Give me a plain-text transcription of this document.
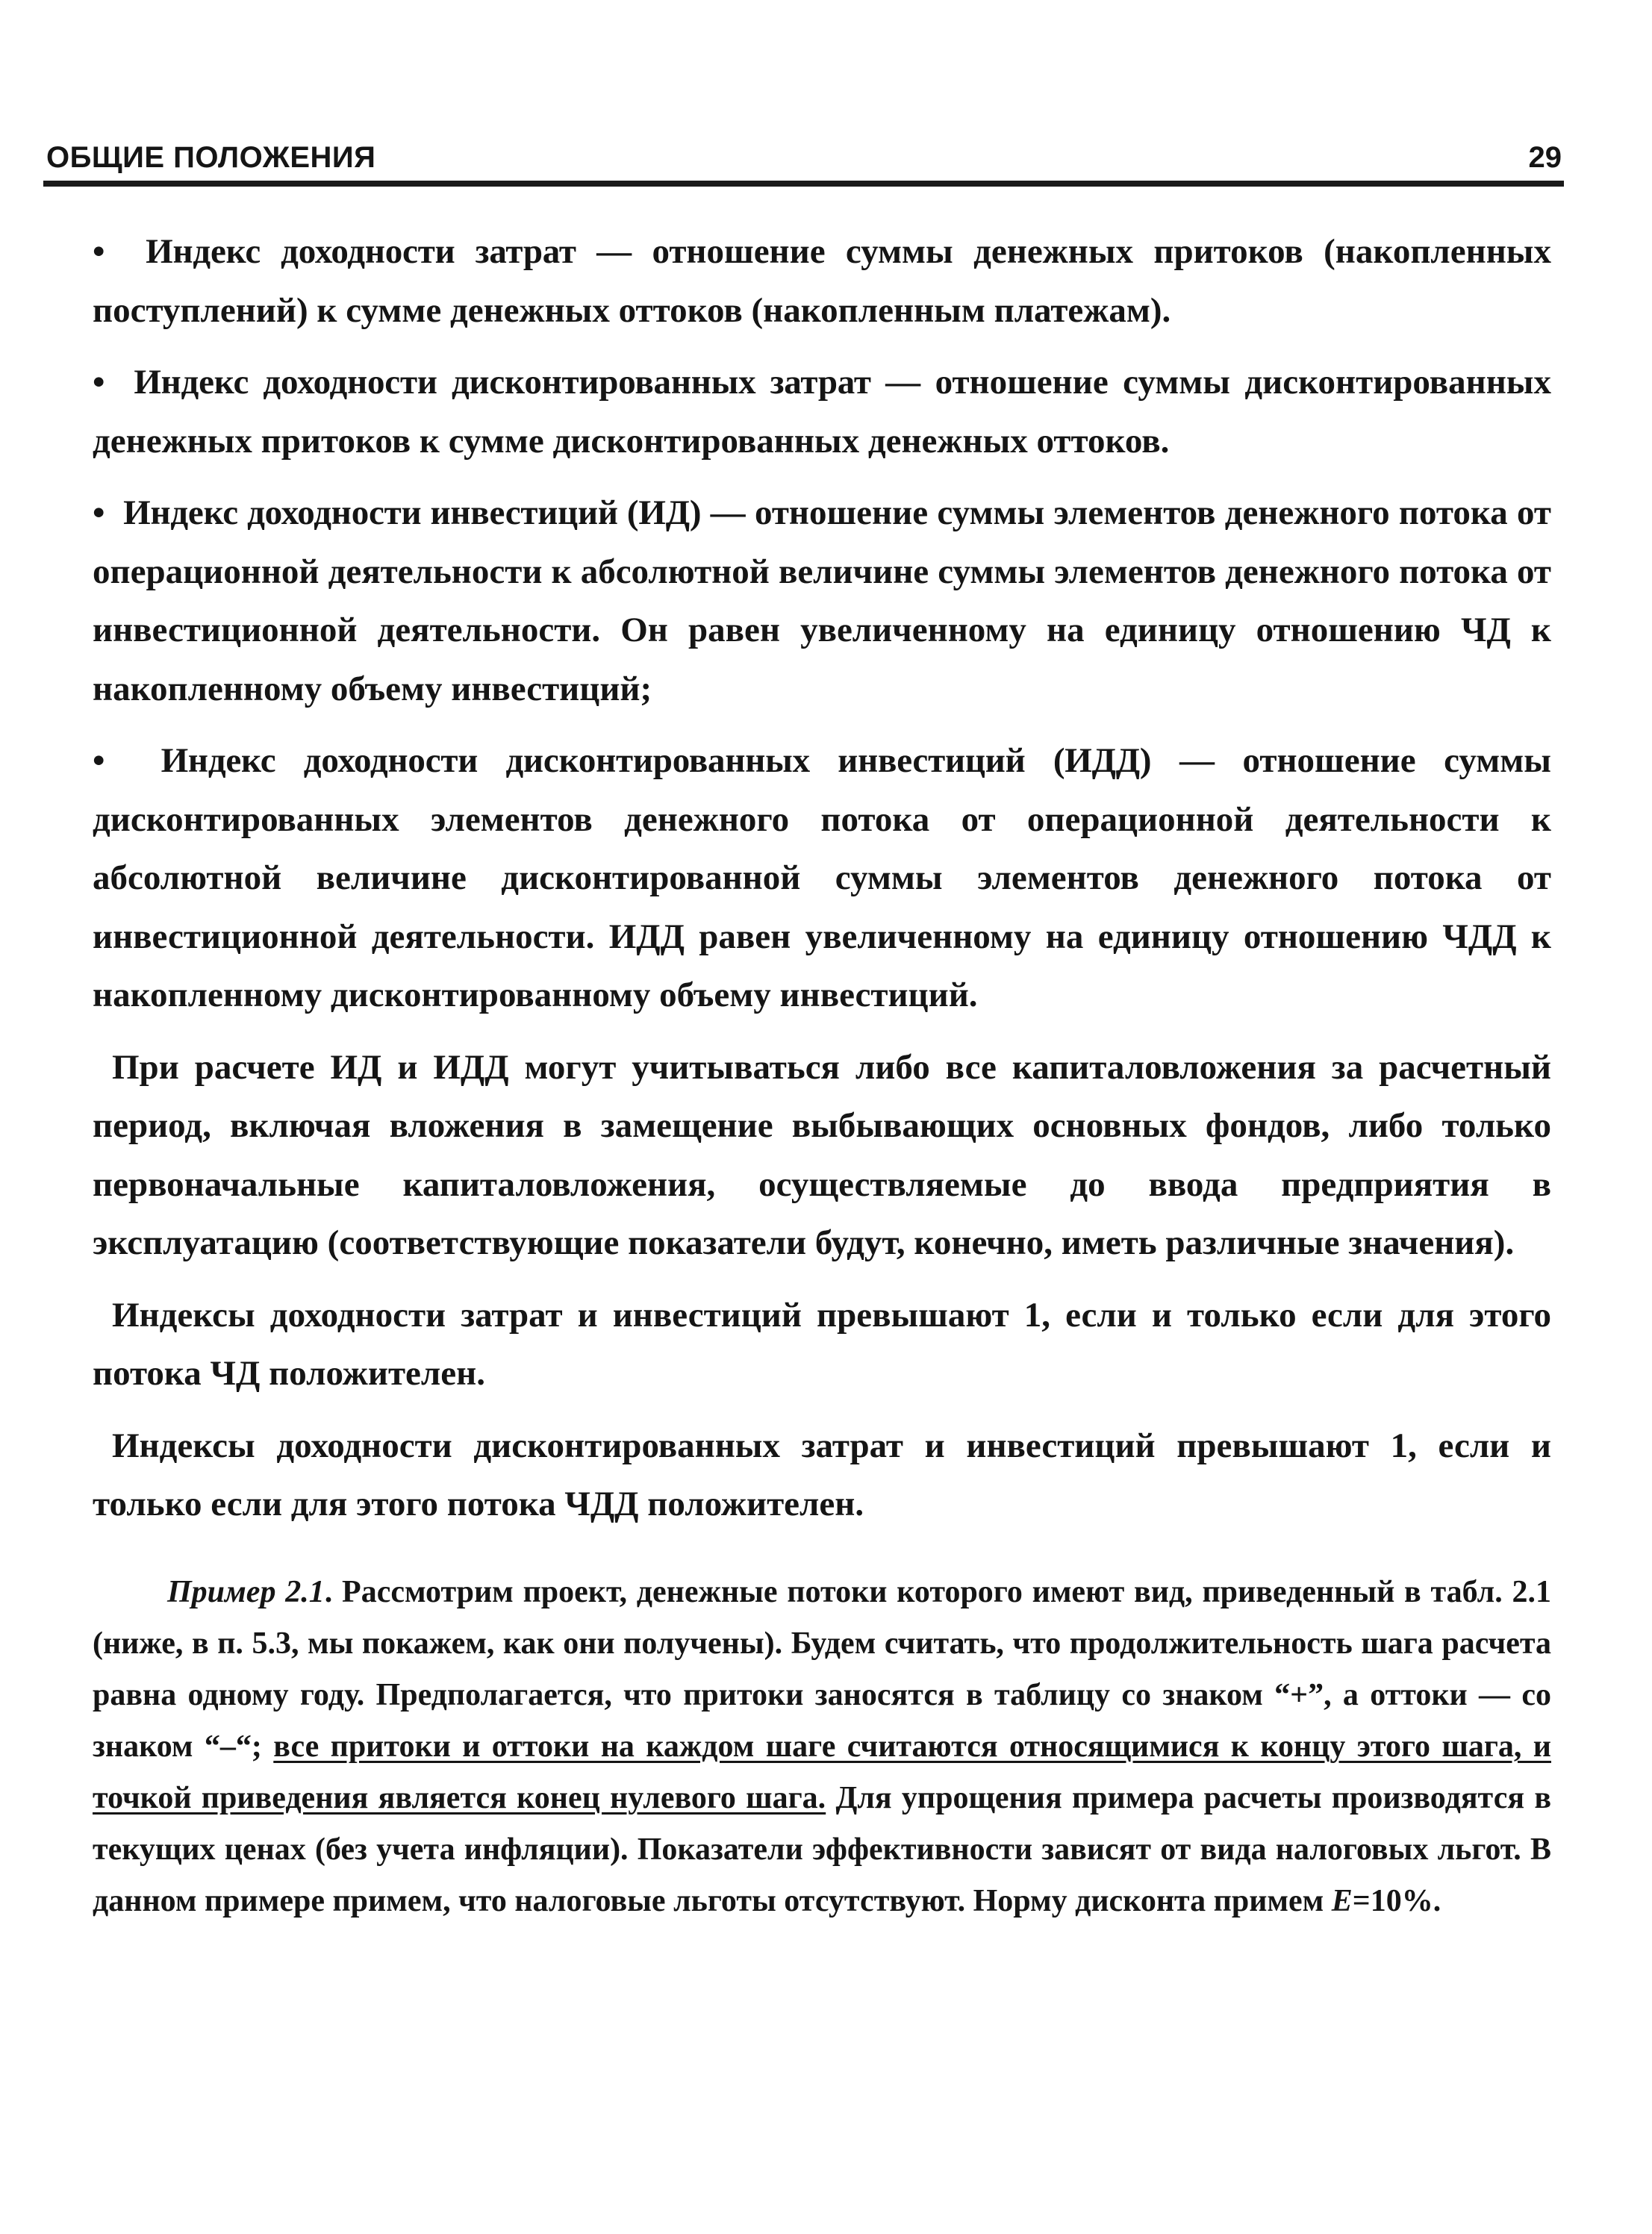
ОБЩИЕ ПОЛОЖЕНИЯ	29

• Индекс доходности затрат — отношение суммы денежных притоков (накопленных поступлений) к сумме денежных оттоков (накопленным платежам).

• Индекс доходности дисконтированных затрат — отношение суммы дисконтированных денежных притоков к сумме дисконтированных денежных оттоков.

• Индекс доходности инвестиций (ИД) — отношение суммы элементов денежного потока от операционной деятельности к абсолютной величине суммы элементов денежного потока от инвестиционной деятельности. Он равен увеличенному на единицу отношению ЧД к накопленному объему инвестиций;

• Индекс доходности дисконтированных инвестиций (ИДД) — отношение суммы дисконтированных элементов денежного потока от операционной деятельности к абсолютной величине дисконтированной суммы элементов денежного потока от инвестиционной деятельности. ИДД равен увеличенному на единицу отношению ЧДД к накопленному дисконтированному объему инвестиций.

При расчете ИД и ИДД могут учитываться либо все капиталовложения за расчетный период, включая вложения в замещение выбывающих основных фондов, либо только первоначальные капиталовложения, осуществляемые до ввода предприятия в эксплуатацию (соответствующие показатели будут, конечно, иметь различные значения).

Индексы доходности затрат и инвестиций превышают 1, если и только если для этого потока ЧД положителен.

Индексы доходности дисконтированных затрат и инвестиций превышают 1, если и только если для этого потока ЧДД положителен.

Пример 2.1. Рассмотрим проект, денежные потоки которого имеют вид, приведенный в табл. 2.1 (ниже, в п. 5.3, мы покажем, как они получены). Будем считать, что продолжительность шага расчета равна одному году. Предполагается, что притоки заносятся в таблицу со знаком “+”, а оттоки — со знаком “–“; все притоки и оттоки на каждом шаге считаются относящимися к концу этого шага, и точкой приведения является конец нулевого шага. Для упрощения примера расчеты производятся в текущих ценах (без учета инфляции). Показатели эффективности зависят от вида налоговых льгот. В данном примере примем, что налоговые льготы отсутствуют. Норму дисконта примем E=10%.
